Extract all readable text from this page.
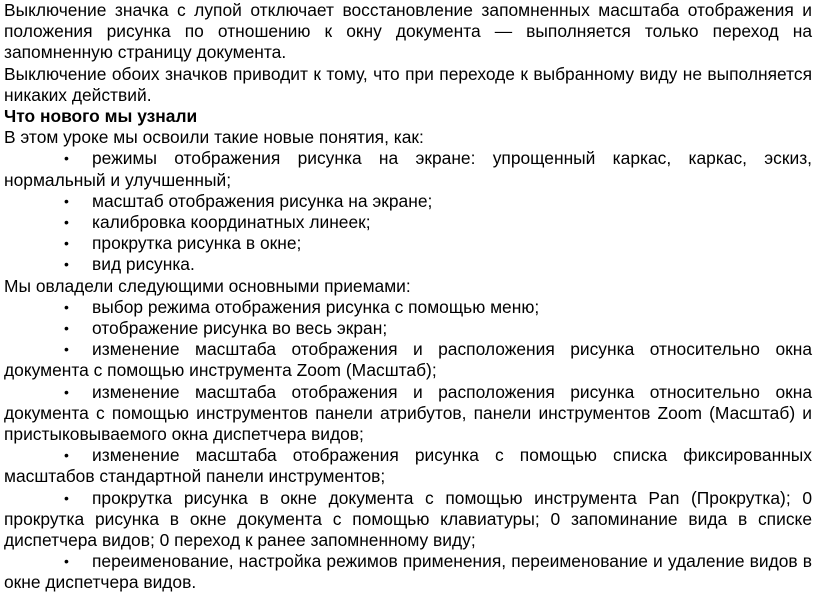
Выключение значка с лупой отключает восстановление запомненных масштаба отображения и положения рисунка по отношению к окну документа — выполняется только переход на запомненную страницу документа.

Выключение обоих значков приводит к тому, что при переходе к выбранному виду не выполняется никаких действий.

Что нового мы узнали

В этом уроке мы освоили такие новые понятия, как:

• режимы отображения рисунка на экране: упрощенный каркас, каркас, эскиз, нормальный и улучшенный;
• масштаб отображения рисунка на экране;
• калибровка координатных линеек;
• прокрутка рисунка в окне;
• вид рисунка.

Мы овладели следующими основными приемами:

• выбор режима отображения рисунка с помощью меню;
• отображение рисунка во весь экран;
• изменение масштаба отображения и расположения рисунка относительно окна документа с помощью инструмента Zoom (Масштаб);
• изменение масштаба отображения и расположения рисунка относительно окна документа с помощью инструментов панели атрибутов, панели инструментов Zoom (Масштаб) и пристыковываемого окна диспетчера видов;
• изменение масштаба отображения рисунка с помощью списка фиксированных масштабов стандартной панели инструментов;
• прокрутка рисунка в окне документа с помощью инструмента Pan (Прокрутка); 0 прокрутка рисунка в окне документа с помощью клавиатуры; 0 запоминание вида в списке диспетчера видов; 0 переход к ранее запомненному виду;
• переименование, настройка режимов применения, переименование и удаление видов в окне диспетчера видов.
